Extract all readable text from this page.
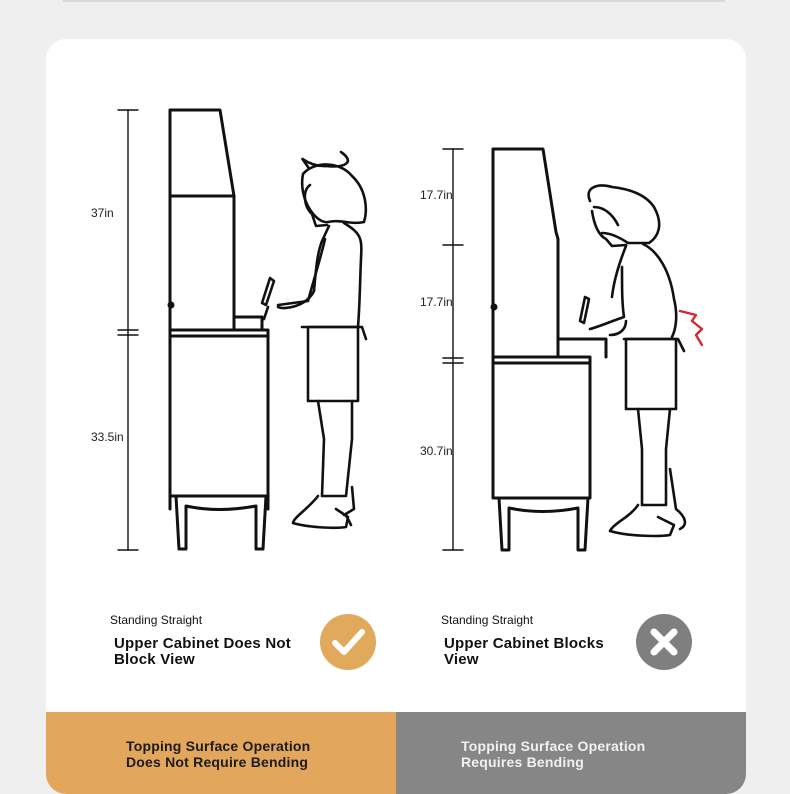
37in
33.5in
17.7in
17.7in
30.7in
Standing Straight
Upper Cabinet Does Not
Block View
Standing Straight
Upper Cabinet Blocks
View
Topping Surface Operation
Does Not Require Bending
Topping Surface Operation
Requires Bending
